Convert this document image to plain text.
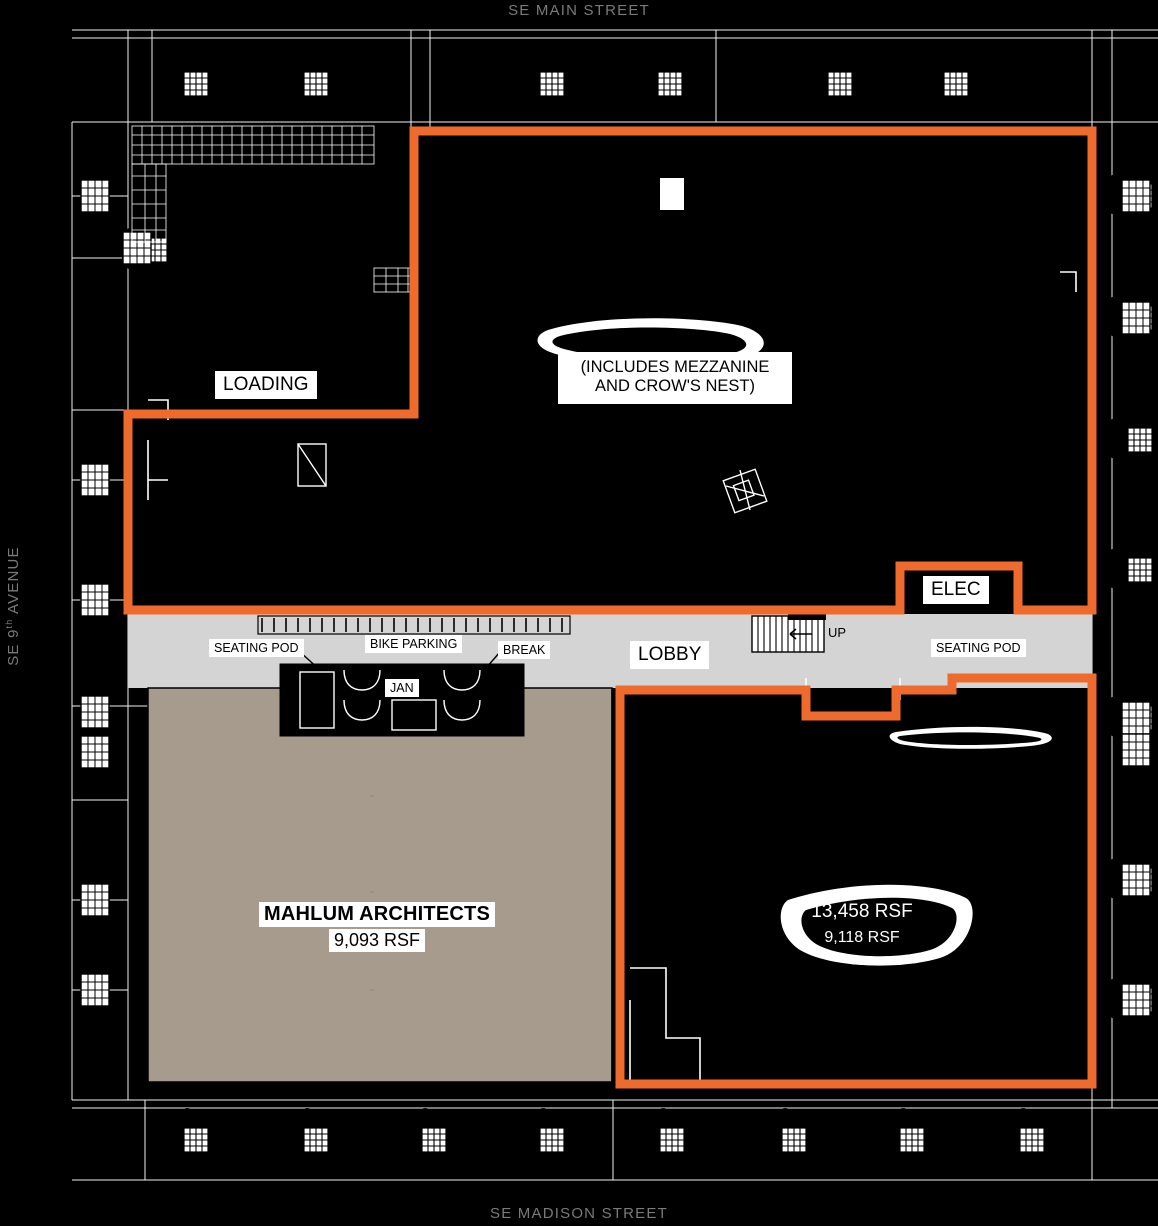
SE MAIN STREET
SE MADISON STREET
SE 9th AVENUE
LOADING
ELEC
LOBBY
(INCLUDES MEZZANINE
AND CROW'S NEST)
SEATING POD	SEATING POD
BIKE PARKING	BREAK
JAN
UP
MAHLUM ARCHITECTS
9,093 RSF
13,458 RSF
9,118 RSF
